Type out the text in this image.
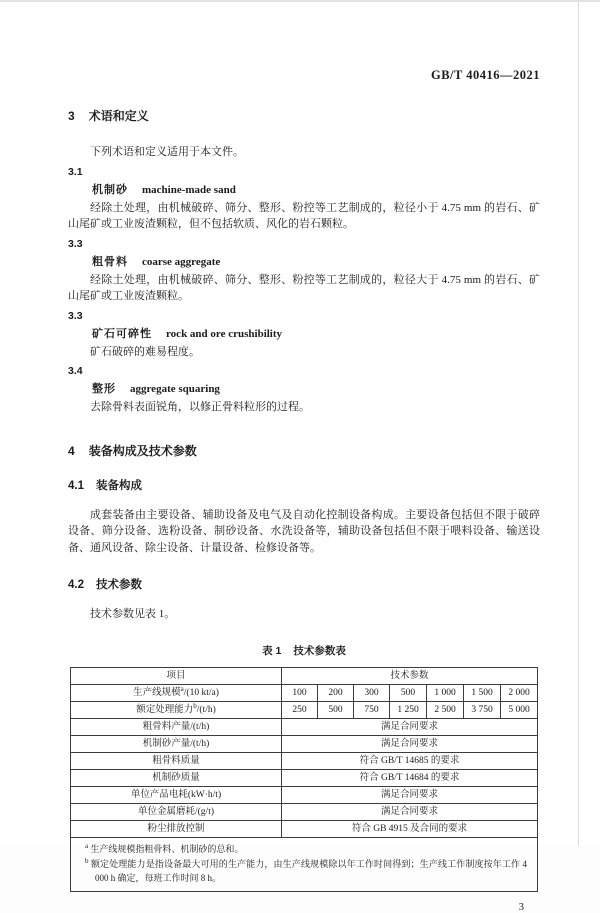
GB/T 40416—2021
3 术语和定义

下列术语和定义适用于本文件。

3.1
机制砂 machine-made sand

经除土处理，由机械破碎、筛分、整形、粉控等工艺制成的，粒径小于 4.75 mm 的岩石、矿山尾矿或工业废渣颗粒，但不包括软质、风化的岩石颗粒。

3.3
粗骨料 coarse aggregate

经除土处理，由机械破碎、筛分、整形、粉控等工艺制成的，粒径大于 4.75 mm 的岩石、矿山尾矿或工业废渣颗粒。

3.3
矿石可碎性 rock and ore crushibility

矿石破碎的难易程度。

3.4
整形 aggregate squaring

去除骨料表面锐角，以修正骨料粒形的过程。

4 装备构成及技术参数
4.1 装备构成

成套装备由主要设备、辅助设备及电气及自动化控制设备构成。主要设备包括但不限于破碎设备、筛分设备、选粉设备、制砂设备、水洗设备等，辅助设备包括但不限于喂料设备、输送设备、通风设备、除尘设备、计量设备、检修设备等。

4.2 技术参数

技术参数见表 1。

表 1 技术参数表
项目	技术参数						
生产线规模$^a$/(10 kt/a)	100	200	300	500	1 000	1 500	2 000
额定处理能力$^b$/(t/h)	250	500	750	1 250	2 500	3 750	5 000
粗骨料产量/(t/h)	满足合同要求						
机制砂产量/(t/h)	满足合同要求						
粗骨料质量	符合 GB/T 14685 的要求						
机制砂质量	符合 GB/T 14684 的要求						
单位产品电耗(kW·h/t)	满足合同要求						
单位金属磨耗/(g/t)	满足合同要求						
粉尘排放控制	符合 GB 4915 及合同的要求						

$^a$ 生产线规模指粗骨料、机制砂的总和。
$^b$ 额定处理能力是指设备最大可用的生产能力，由生产线规模除以年工作时间得到；生产线工作制度按年工作 4 000 h 确定，每班工作时间 8 h。							
3
